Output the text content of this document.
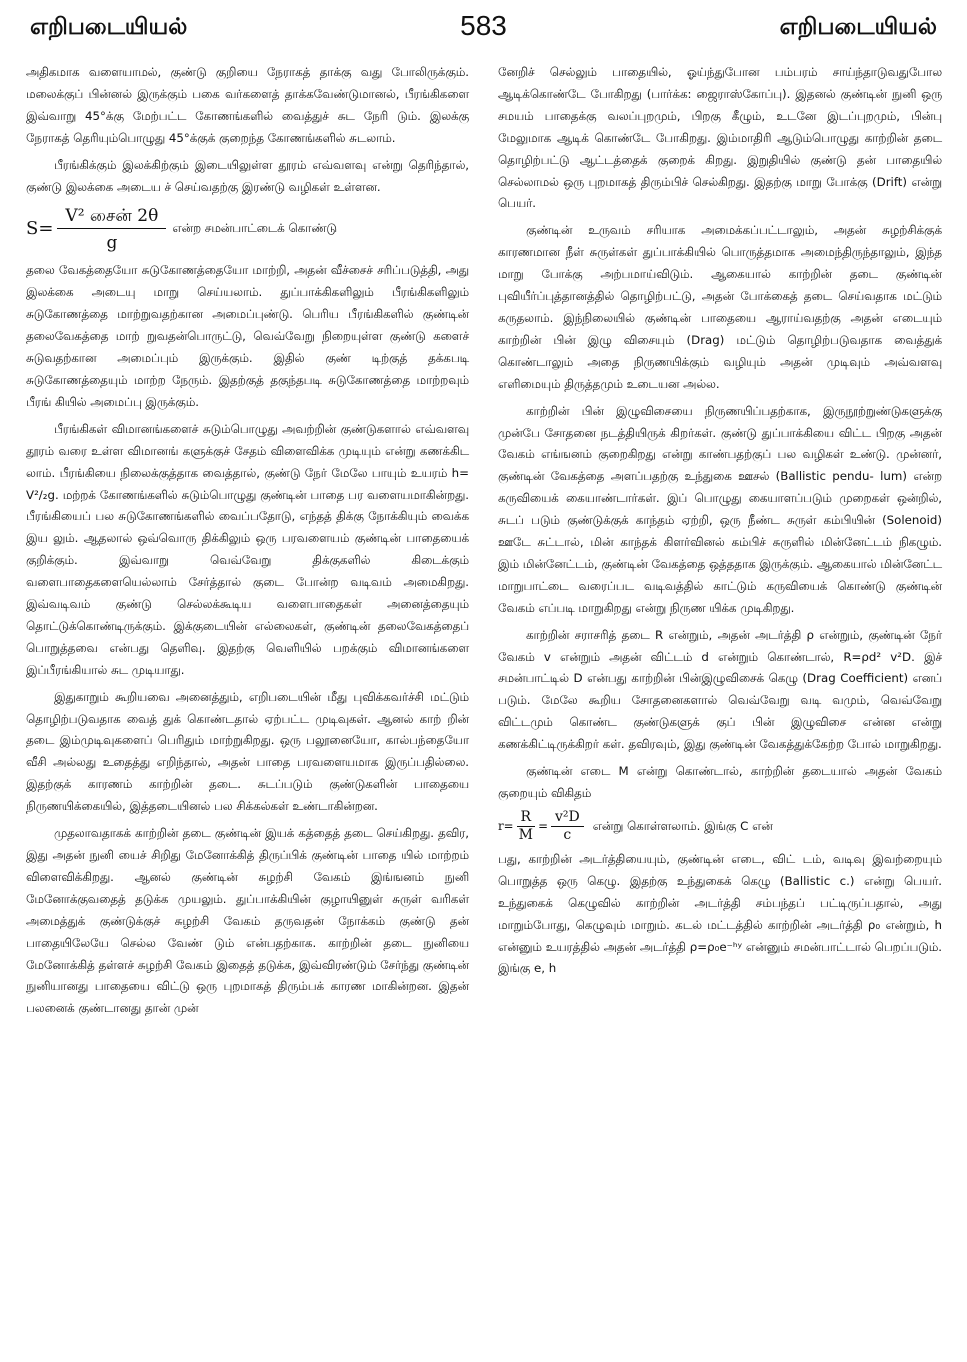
எறிபடையியல்	583	எறிபடையியல்

அதிகமாக வளையாமல், குண்டு குறியை நேராகத் தாக்கு வது போலிருக்கும். மலைக்குப் பின்னல் இருக்கும் பகை வர்களைத் தாக்கவேண்டுமானல், பீரங்கிகளை இவ்வாறு 45°க்கு மேற்பட்ட கோணங்களில் வைத்துச் சுட நேரி டும். இலக்கு நேராகத் தெரியும்பொழுது 45°க்குக் குறைந்த கோணங்களில் சுடலாம்.

பீரங்கிக்கும் இலக்கிற்கும் இடையிலுள்ள தூரம் எவ்வளவு என்று தெரிந்தால், குண்டு இலக்கை அடைய ச் செய்வதற்கு இரண்டு வழிகள் உள்ளன.

$S= \frac{\text{V² சைன் 2θ}}{g}$ என்ற சமன்பாட்டைக் கொண்டு

தலை வேகத்தையோ சுடுகோணத்தையோ மாற்றி, அதன் வீச்சைச் சரிப்படுத்தி, அது இலக்கை அடையு மாறு செய்யலாம். துப்பாக்கிகளிலும் பீரங்கிகளிலும் சுடுகோணத்தை மாற்றுவதற்கான அமைப்புண்டு. பெரிய பீரங்கிகளில் குண்டின் தலைவேகத்தை மாற் றுவதன்பொருட்டு, வெவ்வேறு நிறையுள்ள குண்டு களைச் சுடுவதற்கான அமைப்பும் இருக்கும். இதில் குண் டிற்குத் தக்கபடி சுடுகோணத்தையும் மாற்ற நேரும். இதற்குத் தகுந்தபடி சுடுகோணத்தை மாற்றவும் பீரங் கியில் அமைப்பு இருக்கும்.

பீரங்கிகள் விமானங்களைச் சுடும்பொழுது அவற்றின் குண்டுகளால் எவ்வளவு தூரம் வரை உள்ள விமானங் களுக்குச் சேதம் விளைவிக்க முடியும் என்று கணக்கிட லாம். பீரங்கியை நிலைக்குத்தாக வைத்தால், குண்டு நேர் மேலே பாயும் உயரம் h= V²/₂g. மற்றக் கோணங்களில் சுடும்பொழுது குண்டின் பாதை பர வளையமாகின்றது. பீரங்கியைப் பல சுடுகோணங்களில் வைப்பதோடு, எந்தத் திக்கு நோக்கியும் வைக்க இய லும். ஆதலால் ஒவ்வொரு திக்கிலும் ஒரு பரவளையம் குண்டின் பாதையைக் குறிக்கும். இவ்வாறு வெவ்வேறு திக்குகளில் கிடைக்கும் வளைபாதைகளையெல்லாம் சேர்த்தால் குடை போன்ற வடிவம் அமைகிறது. இவ்வடிவம் குண்டு செல்லக்கூடிய வளைபாதைகள் அனைத்தையும் தொட்டுக்கொண்டிருக்கும். இக்குடையின் எல்லைகள், குண்டின் தலைவேகத்தைப் பொறுத்தவை என்பது தெளிவு. இதற்கு வெளியில் பறக்கும் விமானங்களை இப்பீரங்கியால் சுட முடியாது.

இதுகாறும் கூறியவை அனைத்தும், எறிபடையின் மீது புவிக்கவர்ச்சி மட்டும் தொழிற்படுவதாக வைத் துக் கொண்டதால் ஏற்பட்ட முடிவுகள். ஆனல் காற் றின் தடை இம்முடிவுகளைப் பெரிதும் மாற்றுகிறது. ஒரு பலூனையோ, கால்பந்தையோ வீசி அல்லது உதைத்து எறிந்தால், அதன் பாதை பரவளையமாக இருப்பதில்லை. இதற்குக் காரணம் காற்றின் தடை. சுடப்படும் குண்டுகளின் பாதையை நிருணயிக்கையில், இத்தடையினல் பல சிக்கல்கள் உண்டாகின்றன.

முதலாவதாகக் காற்றின் தடை குண்டின் இயக் கத்தைத் தடை செய்கிறது. தவிர, இது அதன் நுனி யைச் சிறிது மேனோக்கித் திருப்பிக் குண்டின் பாதை யில் மாற்றம் விளைவிக்கிறது. ஆனல் குண்டின் சுழற்சி வேகம் இங்ஙனம் நுனி மேனோக்குவதைத் தடுக்க முயலும். துப்பாக்கியின் குழாயினுள் சுருள் வரிகள் அமைத்துக் குண்டுக்குச் சுழற்சி வேகம் தருவதன் நோக்கம் குண்டு தன் பாதையிலேயே செல்ல வேண் டும் என்பதற்காக. காற்றின் தடை நுனியை மேனோக்கித் தள்ளச் சுழற்சி வேகம் இதைத் தடுக்க, இவ்விரண்டும் சேர்ந்து குண்டின் நுனியானது பாதையை விட்டு ஒரு புறமாகத் திரும்பக் காரண மாகின்றன. இதன் பலனைக் குண்டானது தான் முன்

னேறிச் செல்லும் பாதையில், ஓய்ந்துபோன பம்பரம் சாய்ந்தாடுவதுபோல ஆடிக்கொண்டே போகிறது (பார்க்க: ஜைராஸ்கோப்பு). இதனல் குண்டின் நுனி ஒரு சமயம் பாதைக்கு வலப்புறமும், பிறகு கீழும், உடனே இடப்புறமும், பின்பு மேலுமாக ஆடிக் கொண்டே போகிறது. இம்மாதிரி ஆடும்பொழுது காற்றின் தடை தொழிற்பட்டு ஆட்டத்தைக் குறைக் கிறது. இறுதியில் குண்டு தன் பாதையில் செல்லாமல் ஒரு புறமாகத் திரும்பிச் செல்கிறது. இதற்கு மாறு போக்கு (Drift) என்று பெயர்.

குண்டின் உருவம் சரியாக அமைக்கப்பட்டாலும், அதன் சுழற்சிக்குக் காரணமான நீள் சுருள்கள் துப்பாக்கியில் பொருத்தமாக அமைந்திருந்தாலும், இந்த மாறு போக்கு அற்பமாய்விடும். ஆகையால் காற்றின் தடை குண்டின் புவியீர்ப்புத்தானத்தில் தொழிற்பட்டு, அதன் போக்கைத் தடை செய்வதாக மட்டும் கருதலாம். இந்நிலையில் குண்டின் பாதையை ஆராய்வதற்கு அதன் எடையும் காற்றின் பின் இழு விசையும் (Drag) மட்டும் தொழிற்படுவதாக வைத்துக் கொண்டாலும் அதை நிருணயிக்கும் வழியும் அதன் முடிவும் அவ்வளவு எளிமையும் திருத்தமும் உடையன அல்ல.

காற்றின் பின் இழுவிசையை நிருணயிப்பதற்காக, இருநூற்றுண்டுகளுக்கு முன்பே சோதனை நடத்தியிருக் கிறர்கள். குண்டு துப்பாக்கியை விட்ட பிறகு அதன் வேகம் எங்ஙனம் குறைகிறது என்று காண்பதற்குப் பல வழிகள் உண்டு. முன்னர், குண்டின் வேகத்தை அளப்பதற்கு உந்துகை ஊசல் (Ballistic pendu- lum) என்ற கருவியைக் கையாண்டார்கள். இப் பொழுது கையாளப்படும் முறைகள் ஒன்றில், சுடப் படும் குண்டுக்குக் காந்தம் ஏற்றி, ஒரு நீண்ட சுருள் கம்பியின் (Solenoid) ஊடே சுட்டால், மின் காந்தக் கிளர்வினல் கம்பிச் சுருளில் மின்னேட்டம் நிகழும். இம் மின்னேட்டம், குண்டின் வேகத்தை ஒத்ததாக இருக்கும். ஆகையால் மின்னேட்ட மாறுபாட்டை வரைப்பட வடிவத்தில் காட்டும் கருவியைக் கொண்டு குண்டின் வேகம் எப்படி மாறுகிறது என்று நிருண யிக்க முடிகிறது.

காற்றின் சராசரித் தடை R என்றும், அதன் அடர்த்தி ρ என்றும், குண்டின் நேர் வேகம் v என்றும் அதன் விட்டம் d என்றும் கொண்டால், R=ρd² v²D. இச் சமன்பாட்டில் D என்பது காற்றின் பின்இழுவிசைக் கெழு (Drag Coefficient) எனப் படும். மேலே கூறிய சோதனைகளால் வெவ்வேறு வடி வமும், வெவ்வேறு விட்டமும் கொண்ட குண்டுகளுக் குப் பின் இழுவிசை என்ன என்று கணக்கிட்டிருக்கிறர் கள். தவிரவும், இது குண்டின் வேகத்துக்கேற்ற போல் மாறுகிறது.

குண்டின் எடை M என்று கொண்டால், காற்றின் தடையால் அதன் வேகம் குறையும் விகிதம்

$r= \frac{R}{M} = \frac{\text{v²D}}{c}$ என்று கொள்ளலாம். இங்கு C என்

பது, காற்றின் அடர்த்தியையும், குண்டின் எடை, விட் டம், வடிவு இவற்றையும் பொறுத்த ஒரு கெழு. இதற்கு உந்துகைக் கெழு (Ballistic c.) என்று பெயர். உந்துகைக் கெழுவில் காற்றின் அடர்த்தி சம்பந்தப் பட்டிருப்பதால், அது மாறும்போது, கெழுவும் மாறும். கடல் மட்டத்தில் காற்றின் அடர்த்தி ρ₀ என்றும், h என்னும் உயரத்தில் அதன் அடர்த்தி ρ=ρ₀e⁻ʰʸ என்னும் சமன்பாட்டால் பெறப்படும். இங்கு e, h
